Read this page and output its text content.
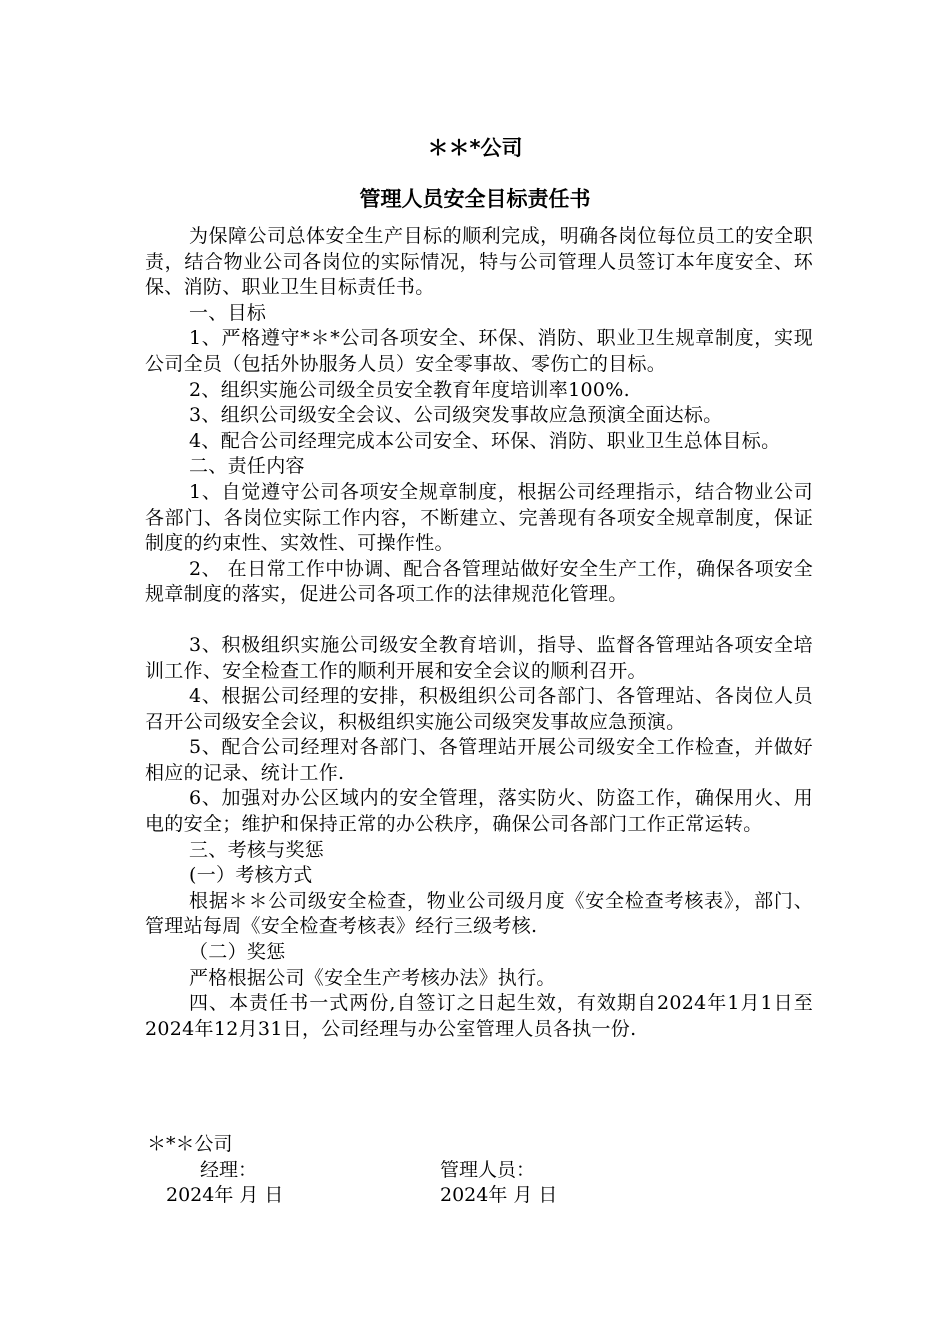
＊＊*公司
管理人员安全目标责任书

为保障公司总体安全生产目标的顺利完成，明确各岗位每位员工的安全职责，结合物业公司各岗位的实际情况，特与公司管理人员签订本年度安全、环保、消防、职业卫生目标责任书。

一、目标

1、严格遵守*＊*公司各项安全、环保、消防、职业卫生规章制度，实现公司全员（包括外协服务人员）安全零事故、零伤亡的目标。

2、组织实施公司级全员安全教育年度培训率100%.

3、组织公司级安全会议、公司级突发事故应急预演全面达标。

4、配合公司经理完成本公司安全、环保、消防、职业卫生总体目标。

二、责任内容

1、自觉遵守公司各项安全规章制度，根据公司经理指示，结合物业公司各部门、各岗位实际工作内容，不断建立、完善现有各项安全规章制度，保证制度的约束性、实效性、可操作性。

2、 在日常工作中协调、配合各管理站做好安全生产工作，确保各项安全规章制度的落实，促进公司各项工作的法律规范化管理。

3、积极组织实施公司级安全教育培训，指导、监督各管理站各项安全培训工作、安全检查工作的顺利开展和安全会议的顺利召开。

4、根据公司经理的安排，积极组织公司各部门、各管理站、各岗位人员召开公司级安全会议，积极组织实施公司级突发事故应急预演。

5、配合公司经理对各部门、各管理站开展公司级安全工作检查，并做好相应的记录、统计工作.

6、加强对办公区域内的安全管理，落实防火、防盗工作，确保用火、用电的安全；维护和保持正常的办公秩序，确保公司各部门工作正常运转。

三、考核与奖惩

(一）考核方式

根据＊＊公司级安全检查，物业公司级月度《安全检查考核表》，部门、管理站每周《安全检查考核表》经行三级考核.

（二）奖惩

严格根据公司《安全生产考核办法》执行。

四、本责任书一式两份,自签订之日起生效，有效期自2024年1月1日至2024年12月31日，公司经理与办公室管理人员各执一份.

＊*＊公司
经理：	管理人员：
2024年 月 日	2024年 月 日
